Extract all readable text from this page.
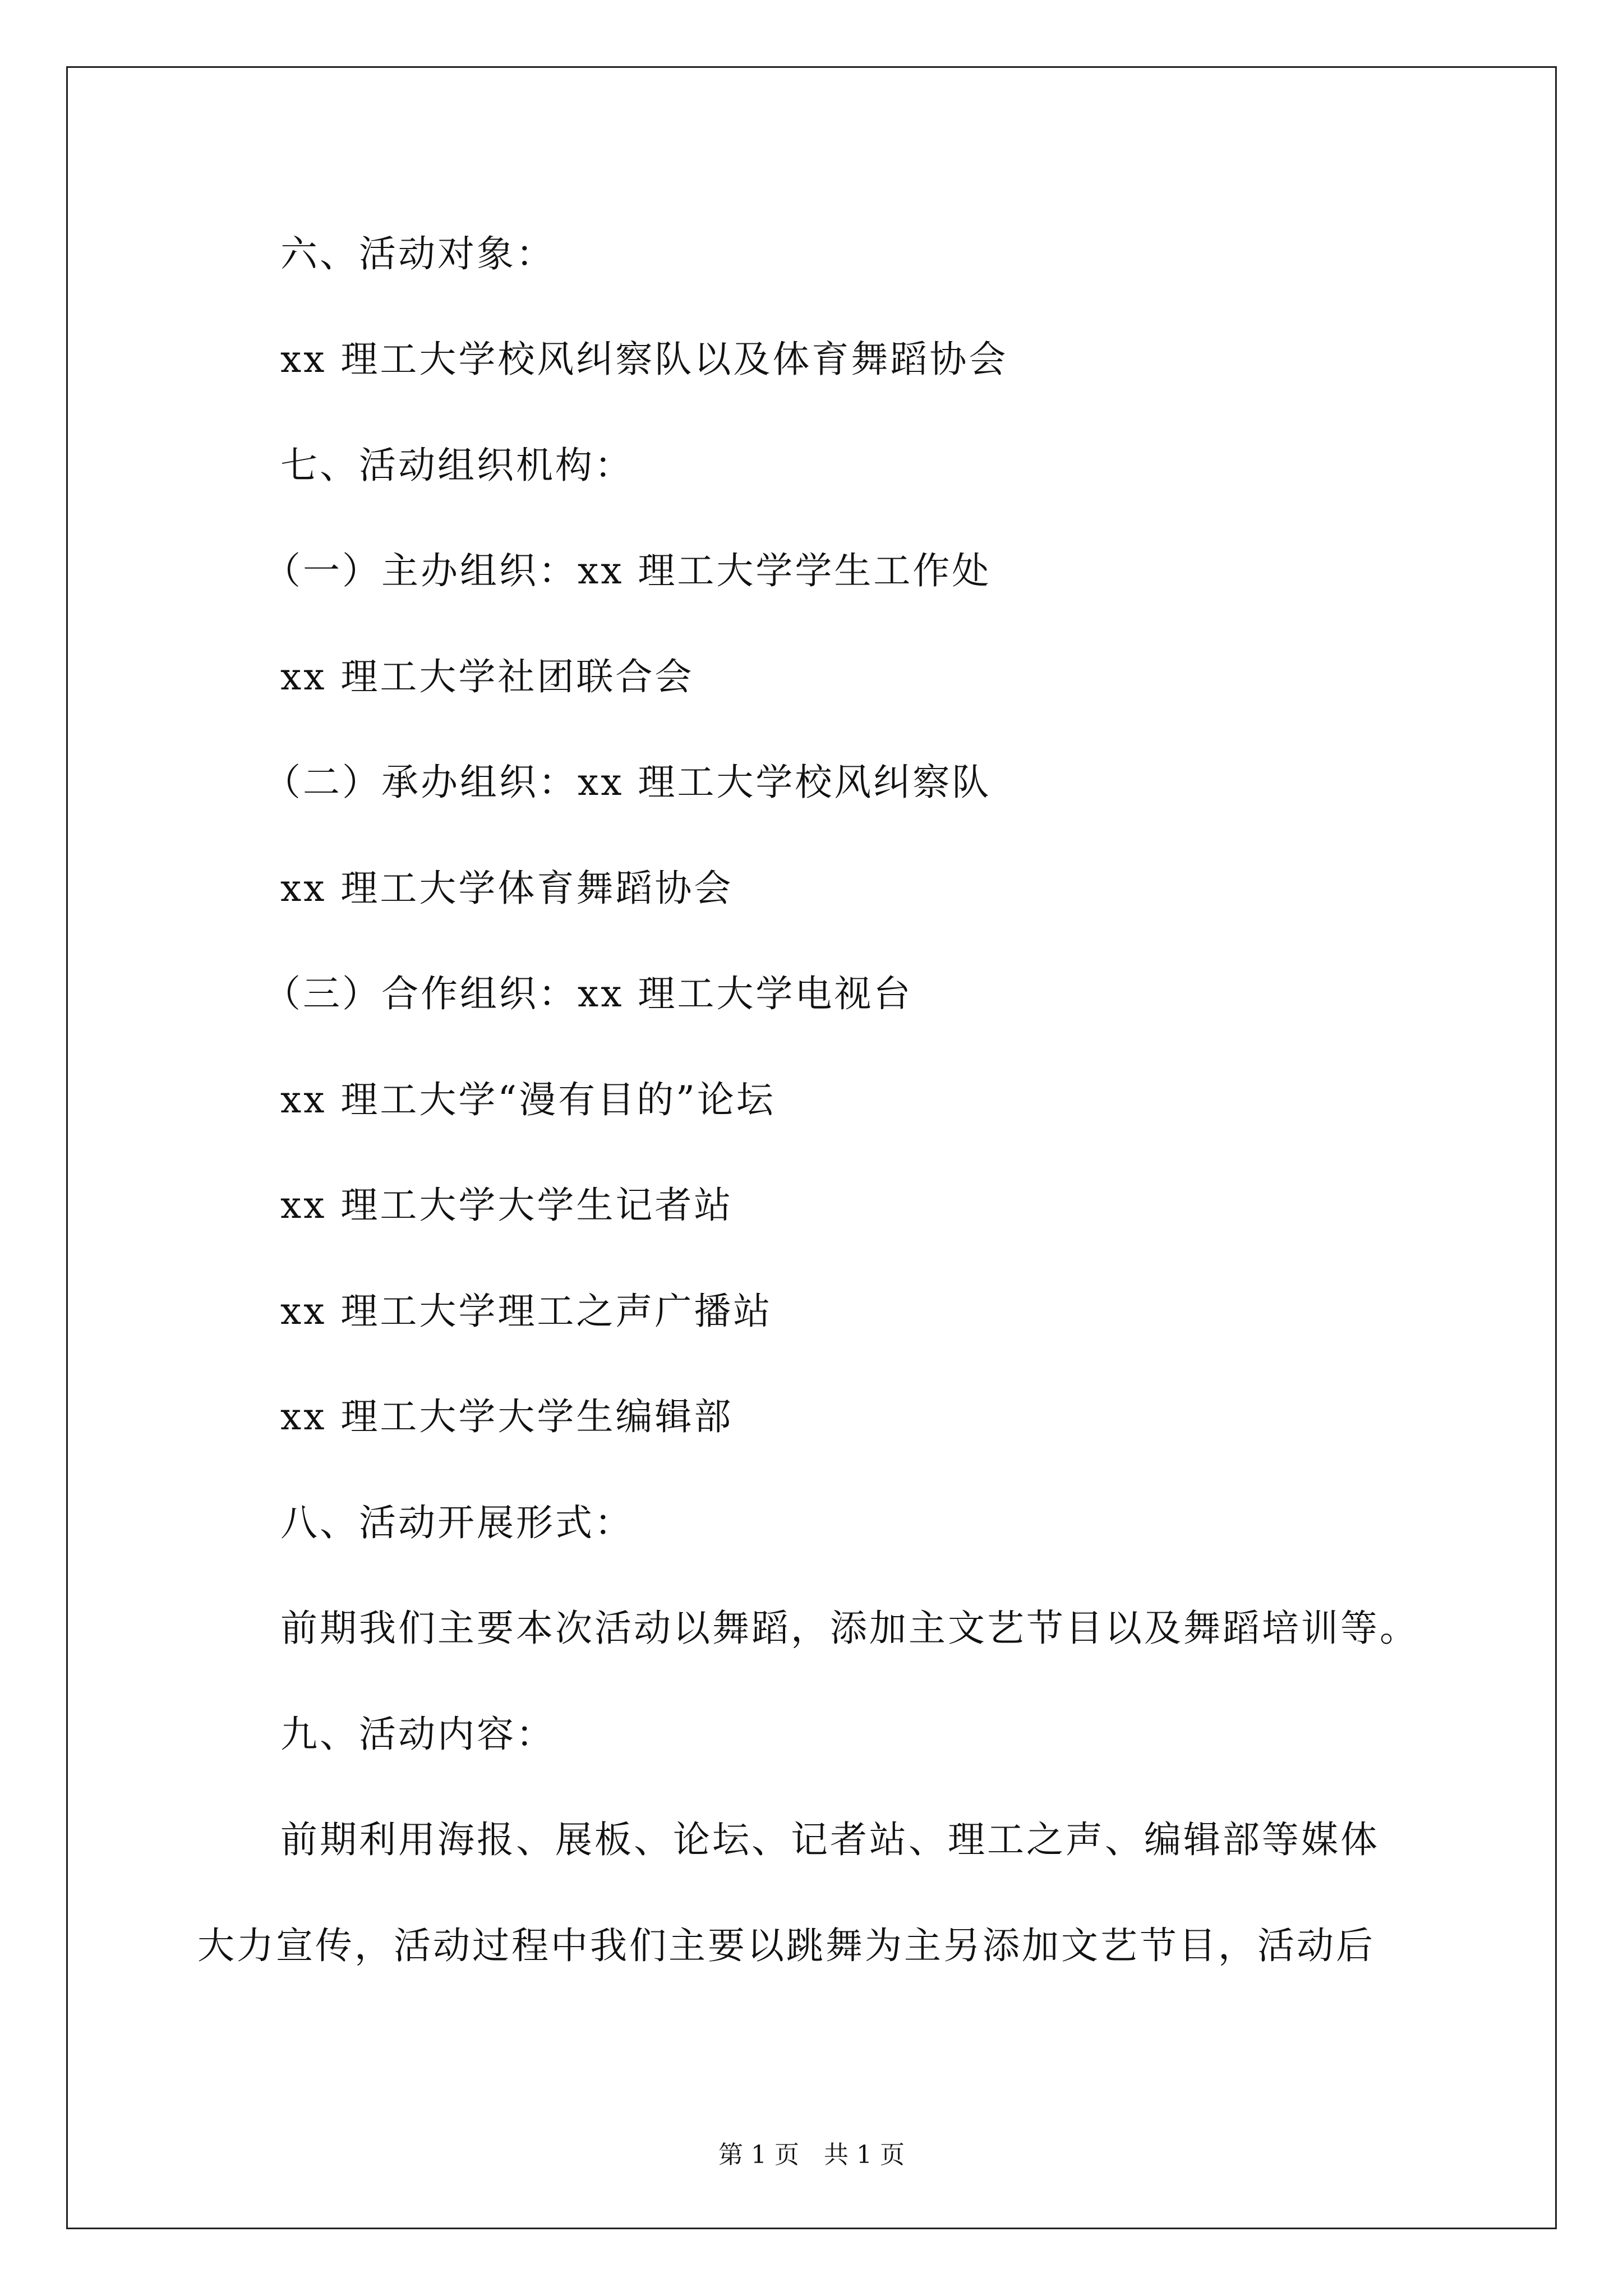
六、活动对象：
xx 理工大学校风纠察队以及体育舞蹈协会
七、活动组织机构：
（一）主办组织：xx 理工大学学生工作处
xx 理工大学社团联合会
（二）承办组织：xx 理工大学校风纠察队
xx 理工大学体育舞蹈协会
（三）合作组织：xx 理工大学电视台
xx 理工大学“漫有目的”论坛
xx 理工大学大学生记者站
xx 理工大学理工之声广播站
xx 理工大学大学生编辑部
八、活动开展形式：
前期我们主要本次活动以舞蹈，添加主文艺节目以及舞蹈培训等。
九、活动内容：
前期利用海报、展板、论坛、记者站、理工之声、编辑部等媒体
大力宣传，活动过程中我们主要以跳舞为主另添加文艺节目，活动后
第 1 页　共 1 页
